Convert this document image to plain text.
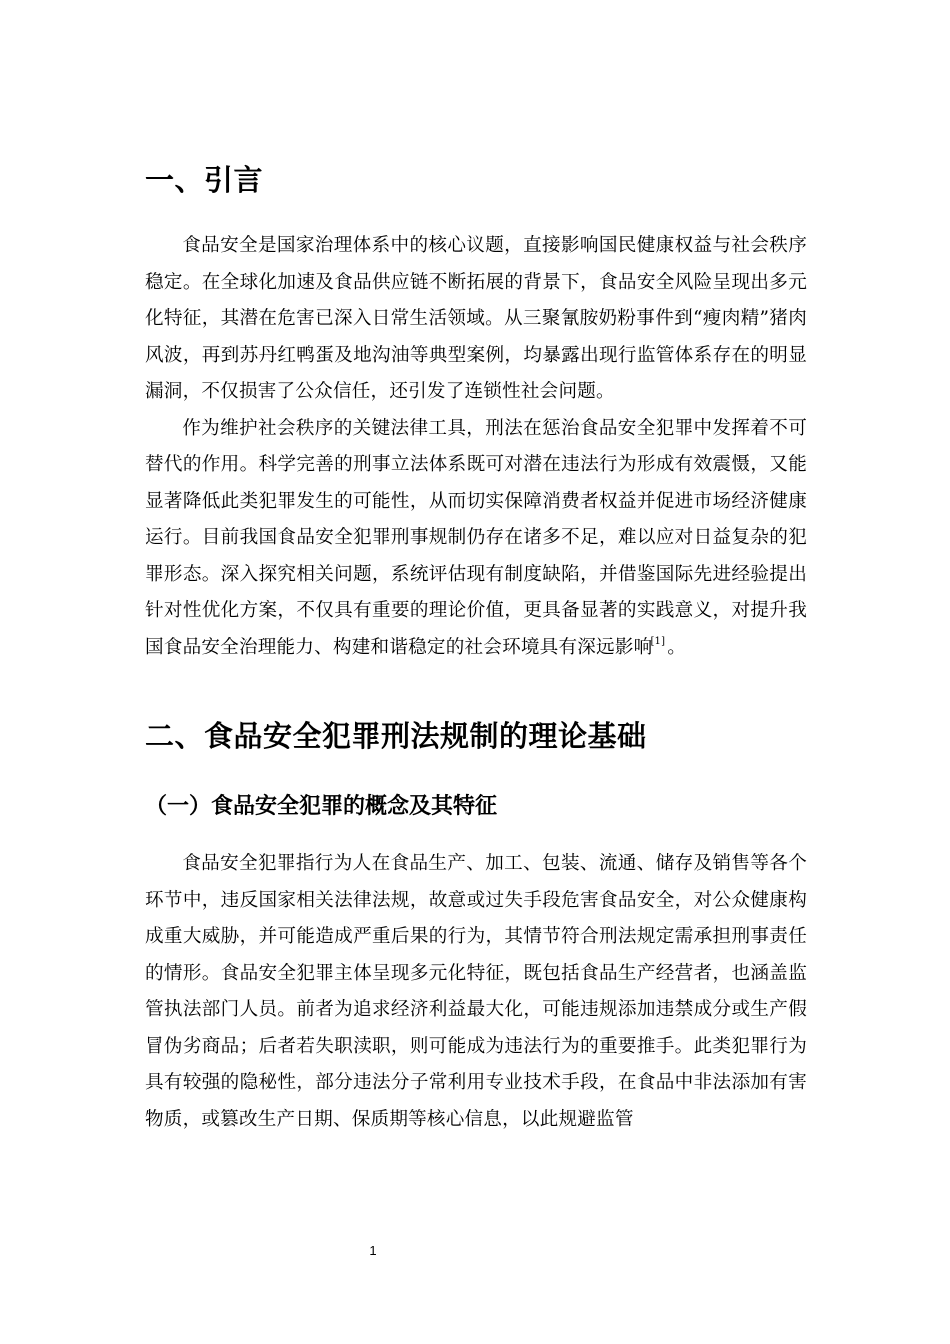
一、引言

食品安全是国家治理体系中的核心议题，直接影响国民健康权益与社会秩序稳定。在全球化加速及食品供应链不断拓展的背景下，食品安全风险呈现出多元化特征，其潜在危害已深入日常生活领域。从三聚氰胺奶粉事件到“瘦肉精”猪肉风波，再到苏丹红鸭蛋及地沟油等典型案例，均暴露出现行监管体系存在的明显漏洞，不仅损害了公众信任，还引发了连锁性社会问题。

作为维护社会秩序的关键法律工具，刑法在惩治食品安全犯罪中发挥着不可替代的作用。科学完善的刑事立法体系既可对潜在违法行为形成有效震慑，又能显著降低此类犯罪发生的可能性，从而切实保障消费者权益并促进市场经济健康运行。目前我国食品安全犯罪刑事规制仍存在诸多不足，难以应对日益复杂的犯罪形态。深入探究相关问题，系统评估现有制度缺陷，并借鉴国际先进经验提出针对性优化方案，不仅具有重要的理论价值，更具备显著的实践意义，对提升我国食品安全治理能力、构建和谐稳定的社会环境具有深远影响[1] 。

二、食品安全犯罪刑法规制的理论基础
（一）食品安全犯罪的概念及其特征

食品安全犯罪指行为人在食品生产、加工、包装、流通、储存及销售等各个环节中，违反国家相关法律法规，故意或过失手段危害食品安全，对公众健康构成重大威胁，并可能造成严重后果的行为，其情节符合刑法规定需承担刑事责任的情形。食品安全犯罪主体呈现多元化特征，既包括食品生产经营者，也涵盖监管执法部门人员。前者为追求经济利益最大化，可能违规添加违禁成分或生产假冒伪劣商品；后者若失职渎职，则可能成为违法行为的重要推手。此类犯罪行为具有较强的隐秘性，部分违法分子常利用专业技术手段，在食品中非法添加有害物质，或篡改生产日期、保质期等核心信息，以此规避监管

1
